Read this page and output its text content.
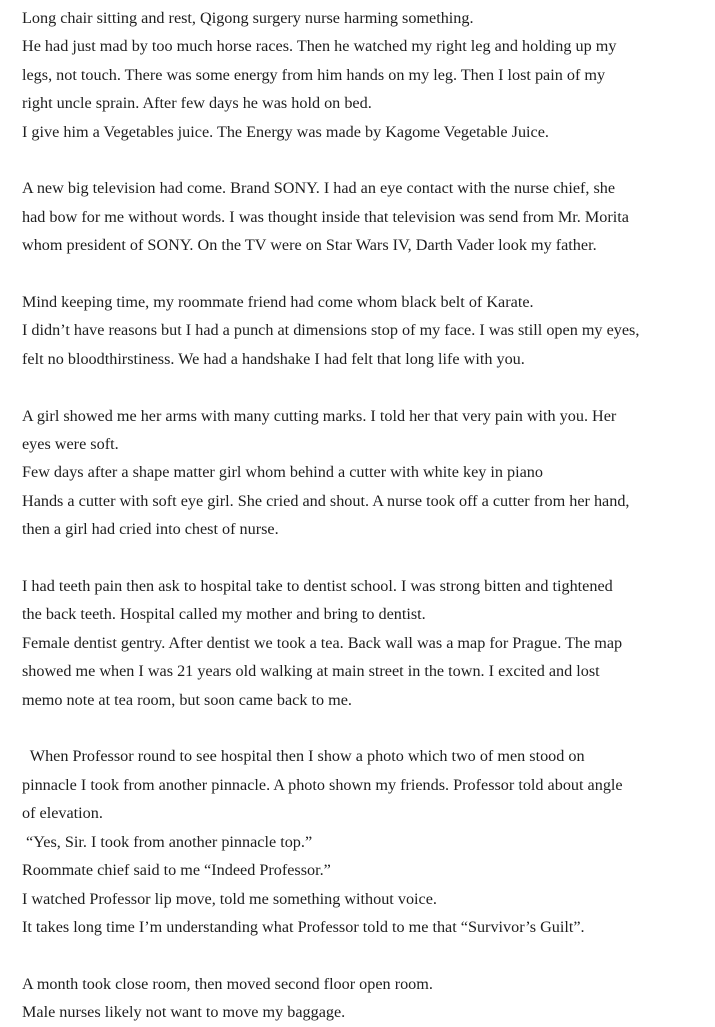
Long chair sitting and rest, Qigong surgery nurse harming something.
He had just mad by too much horse races. Then he watched my right leg and holding up my
legs, not touch. There was some energy from him hands on my leg. Then I lost pain of my
right uncle sprain. After few days he was hold on bed.
I give him a Vegetables juice. The Energy was made by Kagome Vegetable Juice.

A new big television had come. Brand SONY. I had an eye contact with the nurse chief, she
had bow for me without words. I was thought inside that television was send from Mr. Morita
whom president of SONY. On the TV were on Star Wars IV, Darth Vader look my father.

Mind keeping time, my roommate friend had come whom black belt of Karate.
I didn’t have reasons but I had a punch at dimensions stop of my face. I was still open my eyes,
felt no bloodthirstiness. We had a handshake I had felt that long life with you.

A girl showed me her arms with many cutting marks. I told her that very pain with you. Her
eyes were soft.
Few days after a shape matter girl whom behind a cutter with white key in piano
Hands a cutter with soft eye girl. She cried and shout. A nurse took off a cutter from her hand,
then a girl had cried into chest of nurse.

I had teeth pain then ask to hospital take to dentist school. I was strong bitten and tightened
the back teeth. Hospital called my mother and bring to dentist.
Female dentist gentry. After dentist we took a tea. Back wall was a map for Prague. The map
showed me when I was 21 years old walking at main street in the town. I excited and lost
memo note at tea room, but soon came back to me.

When Professor round to see hospital then I show a photo which two of men stood on
pinnacle I took from another pinnacle. A photo shown my friends. Professor told about angle
of elevation.
“Yes, Sir. I took from another pinnacle top.”
Roommate chief said to me “Indeed Professor.”
I watched Professor lip move, told me something without voice.
It takes long time I’m understanding what Professor told to me that “Survivor’s Guilt”.

A month took close room, then moved second floor open room.
Male nurses likely not want to move my baggage.
